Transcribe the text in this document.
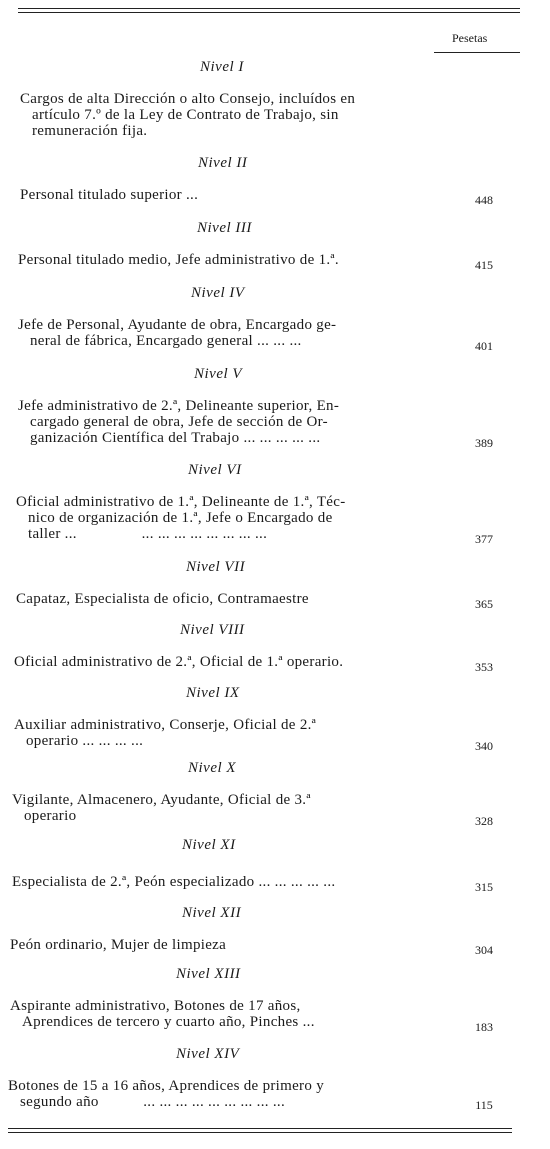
Pesetas
Nivel I
Cargos de alta Dirección o alto Consejo, incluídos en
artículo 7.º de la Ley de Contrato de Trabajo, sin
remuneración fija.
Nivel II
Personal titulado superior ...	448
Nivel III
Personal titulado medio, Jefe administrativo de 1.ª.	415
Nivel IV
Jefe de Personal, Ayudante de obra, Encargado ge-
neral de fábrica, Encargado general ... ... ...	401
Nivel V
Jefe administrativo de 2.ª, Delineante superior, En-
cargado general de obra, Jefe de sección de Or-
ganización Científica del Trabajo ... ... ... ... ...	389
Nivel VI
Oficial administrativo de 1.ª, Delineante de 1.ª, Téc-
nico de organización de 1.ª, Jefe o Encargado de
taller ...                ... ... ... ... ... ... ... ...	377
Nivel VII
Capataz, Especialista de oficio, Contramaestre	365
Nivel VIII
Oficial administrativo de 2.ª, Oficial de 1.ª operario.	353
Nivel IX
Auxiliar administrativo, Conserje, Oficial de 2.ª
operario ... ... ... ...	340
Nivel X
Vigilante, Almacenero, Ayudante, Oficial de 3.ª
operario	328
Nivel XI
Especialista de 2.ª, Peón especializado ... ... ... ... ...	315
Nivel XII
Peón ordinario, Mujer de limpieza	304
Nivel XIII
Aspirante administrativo, Botones de 17 años,
Aprendices de tercero y cuarto año, Pinches ...	183
Nivel XIV
Botones de 15 a 16 años, Aprendices de primero y
segundo año           ... ... ... ... ... ... ... ... ...	115
